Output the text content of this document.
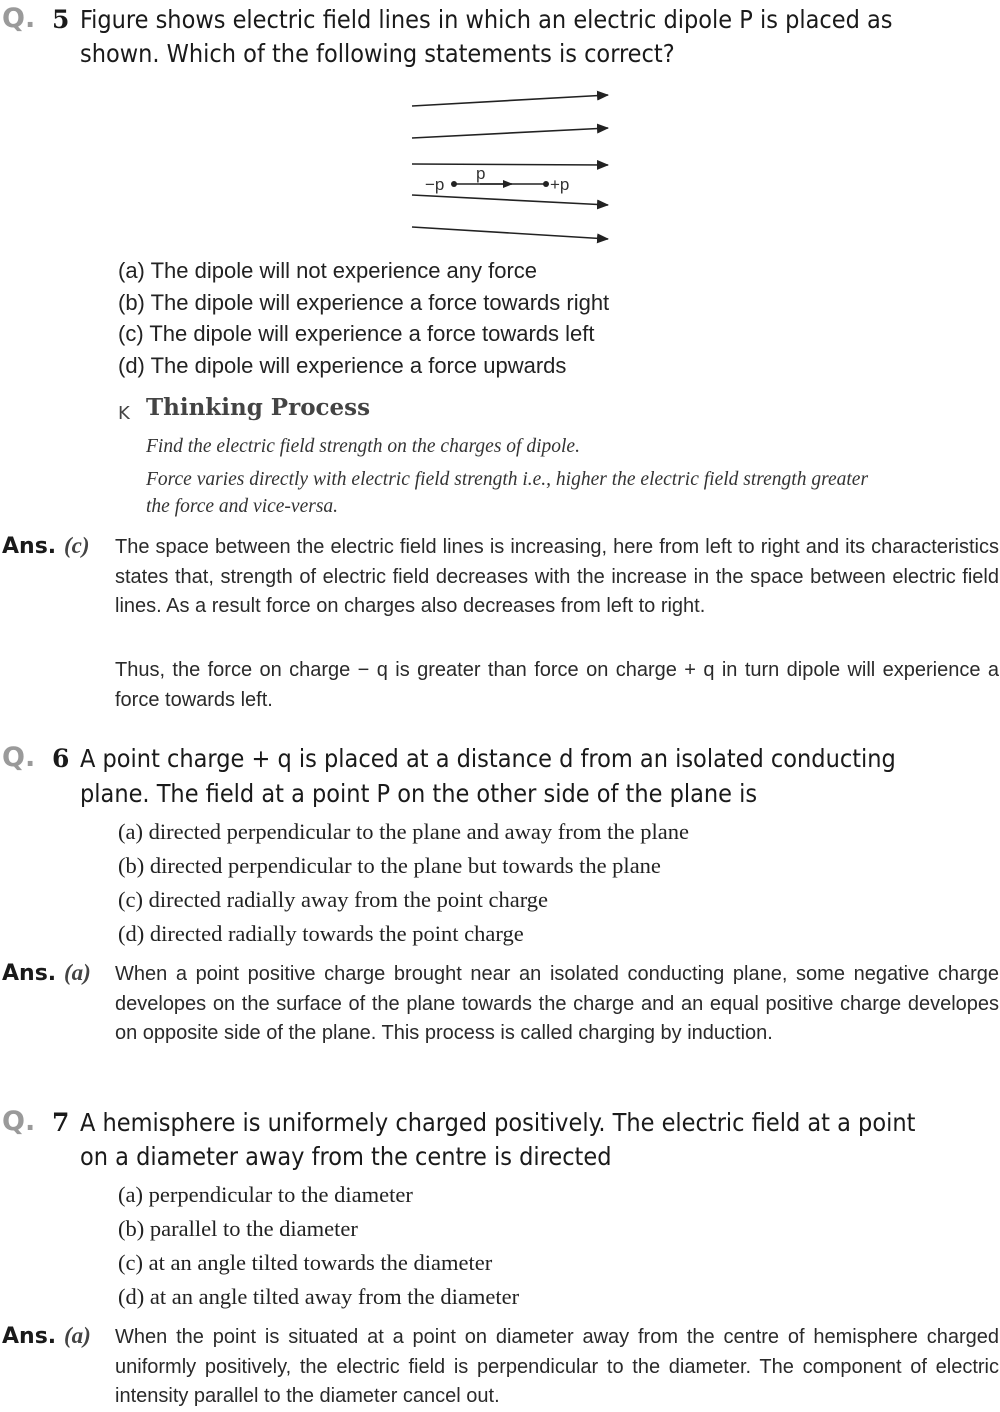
Q. 5 Figure shows electric field lines in which an electric dipole P is placed as
shown. Which of the following statements is correct?
−p
p
+p
(a) The dipole will not experience any force
(b) The dipole will experience a force towards right
(c) The dipole will experience a force towards left
(d) The dipole will experience a force upwards
K Thinking Process
Find the electric field strength on the charges of dipole.
Force varies directly with electric field strength i.e., higher the electric field strength greater
the force and vice-versa.
Ans. (c) The space between the electric field lines is increasing, here from left to right and its characteristics states that, strength of electric field decreases with the increase in the space between electric field lines. As a result force on charges also decreases from left to right.
Thus, the force on charge − q is greater than force on charge + q in turn dipole will experience a force towards left.
Q. 6 A point charge + q is placed at a distance d from an isolated conducting
plane. The field at a point P on the other side of the plane is
(a) directed perpendicular to the plane and away from the plane
(b) directed perpendicular to the plane but towards the plane
(c) directed radially away from the point charge
(d) directed radially towards the point charge
Ans. (a) When a point positive charge brought near an isolated conducting plane, some negative charge developes on the surface of the plane towards the charge and an equal positive charge developes on opposite side of the plane. This process is called charging by induction.
Q. 7 A hemisphere is uniformely charged positively. The electric field at a point
on a diameter away from the centre is directed
(a) perpendicular to the diameter
(b) parallel to the diameter
(c) at an angle tilted towards the diameter
(d) at an angle tilted away from the diameter
Ans. (a) When the point is situated at a point on diameter away from the centre of hemisphere charged uniformly positively, the electric field is perpendicular to the diameter. The component of electric intensity parallel to the diameter cancel out.
